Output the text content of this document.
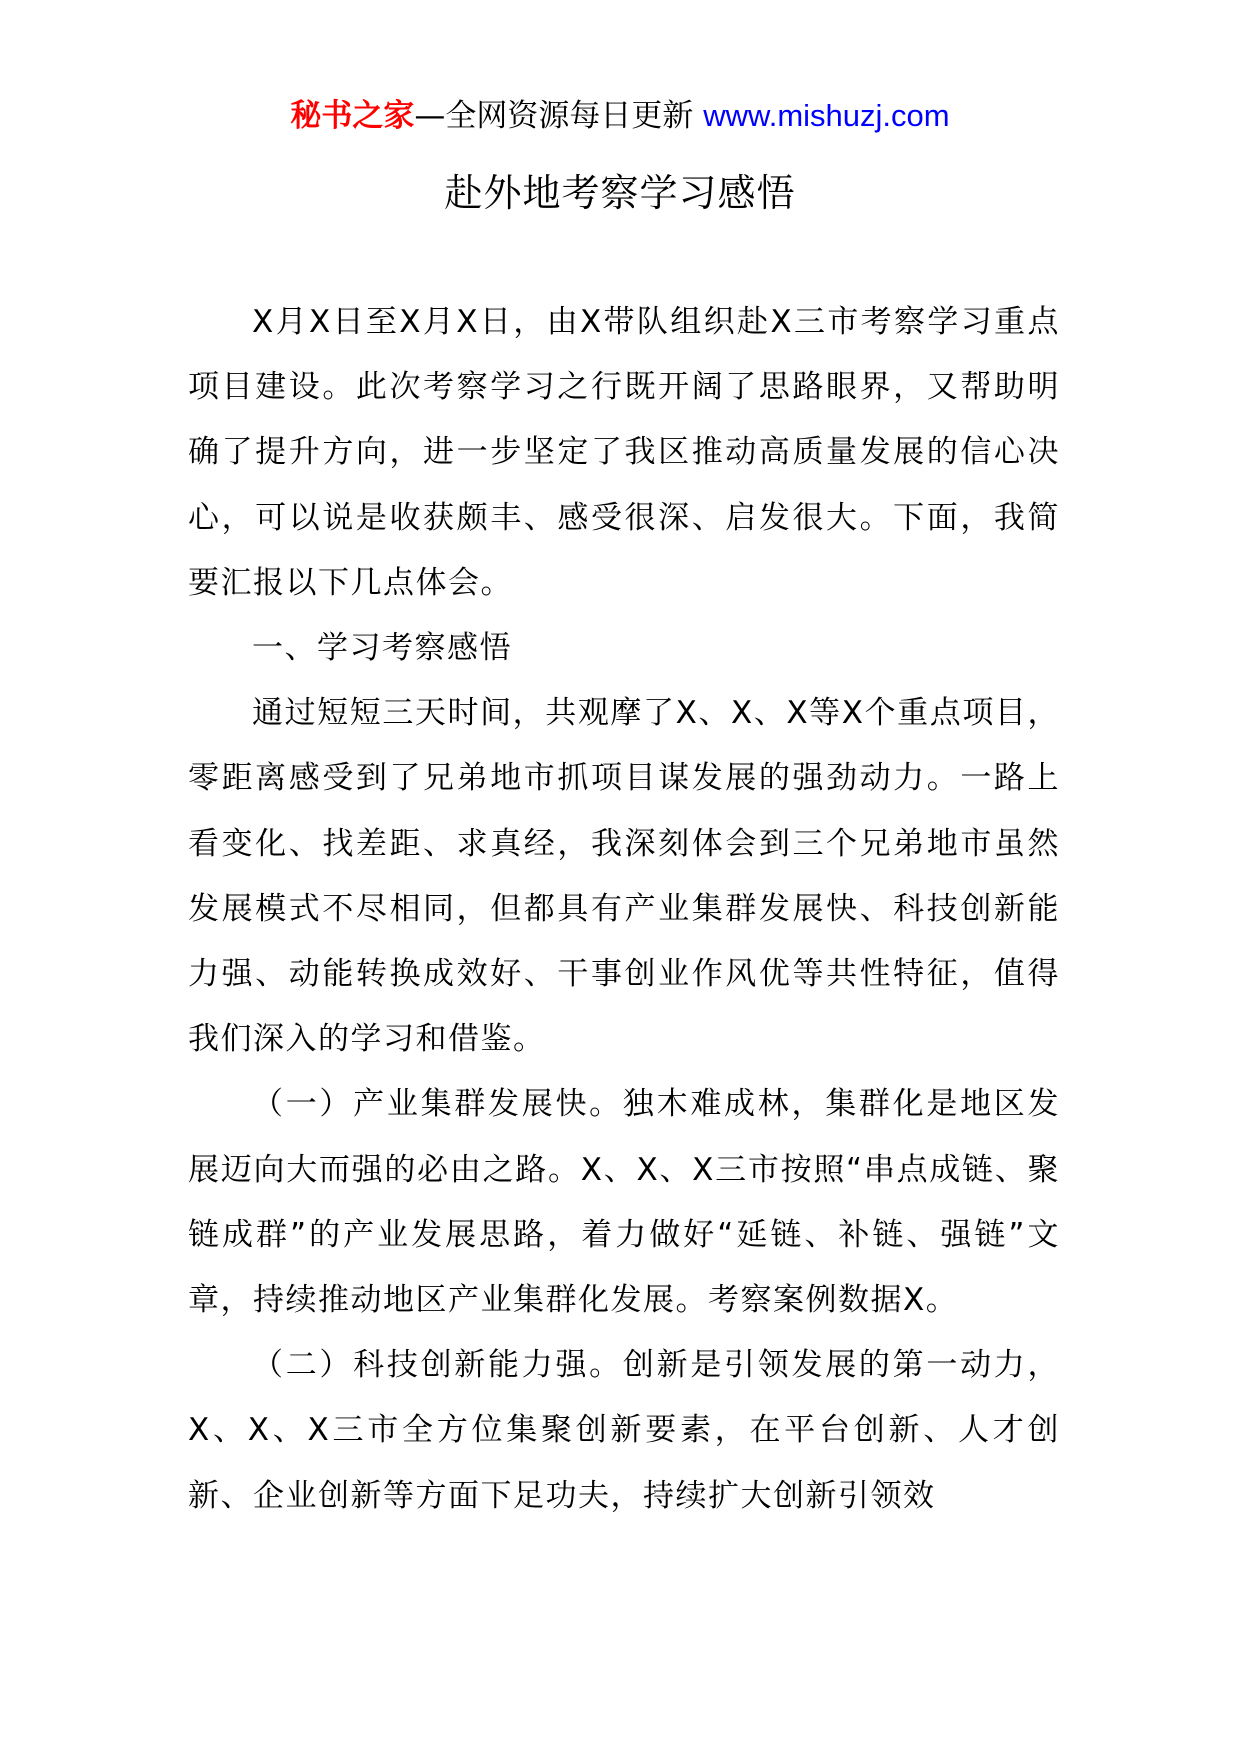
秘书之家—全网资源每日更新 www.mishuzj.com
赴外地考察学习感悟

X月X日至X月X日，由X带队组织赴X三市考察学习重点项目建设。此次考察学习之行既开阔了思路眼界，又帮助明确了提升方向，进一步坚定了我区推动高质量发展的信心决心，可以说是收获颇丰、感受很深、启发很大。下面，我简要汇报以下几点体会。

一、学习考察感悟

通过短短三天时间，共观摩了X、X、X等X个重点项目，零距离感受到了兄弟地市抓项目谋发展的强劲动力。一路上看变化、找差距、求真经，我深刻体会到三个兄弟地市虽然发展模式不尽相同，但都具有产业集群发展快、科技创新能力强、动能转换成效好、干事创业作风优等共性特征，值得我们深入的学习和借鉴。

（一）产业集群发展快。独木难成林，集群化是地区发展迈向大而强的必由之路。X、X、X三市按照“串点成链、聚链成群”的产业发展思路，着力做好“延链、补链、强链”文章，持续推动地区产业集群化发展。考察案例数据X。

（二）科技创新能力强。创新是引领发展的第一动力，X、X、X三市全方位集聚创新要素，在平台创新、人才创新、企业创新等方面下足功夫，持续扩大创新引领效
